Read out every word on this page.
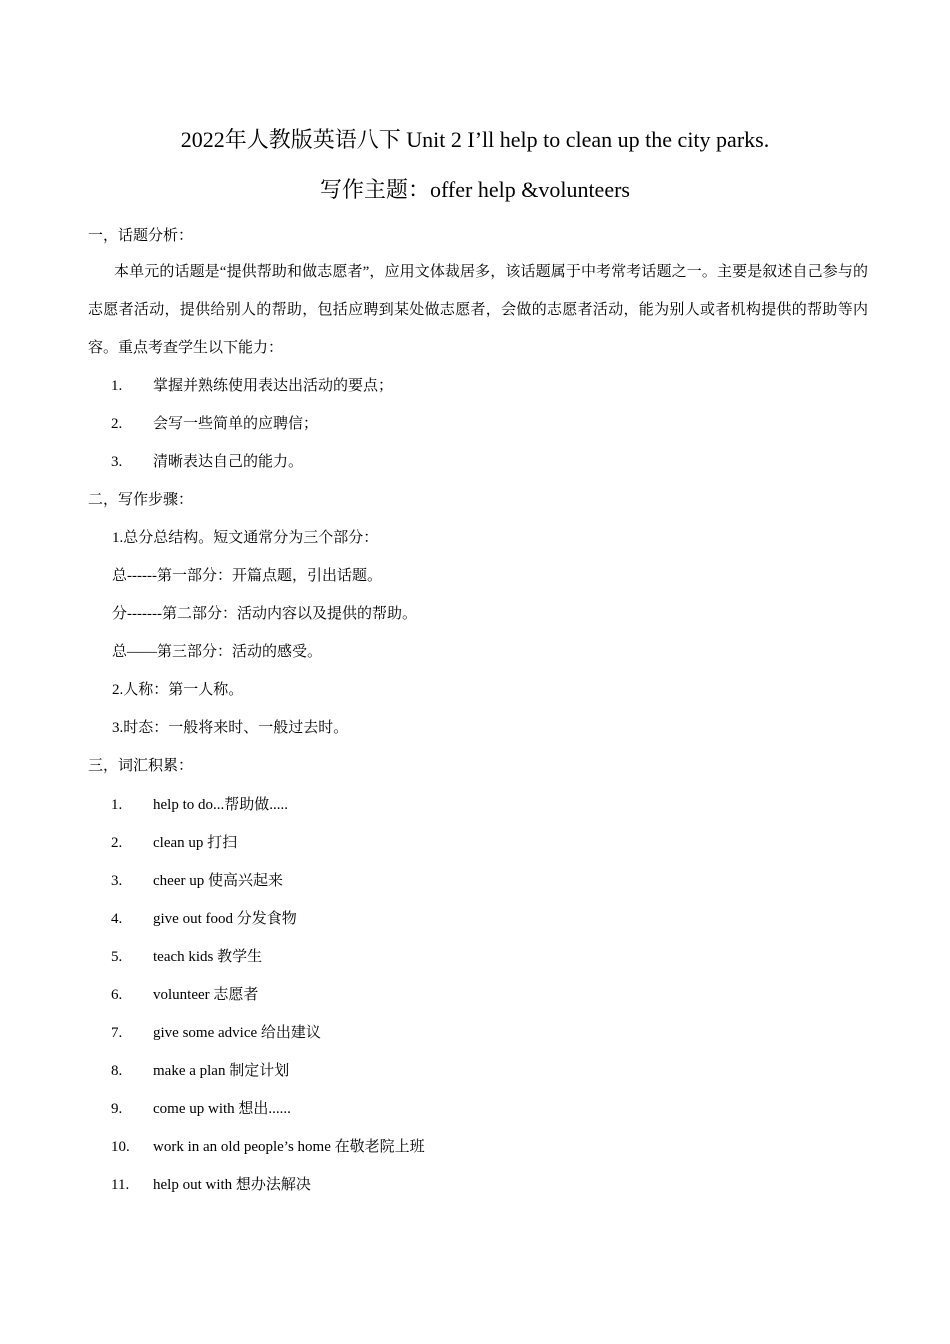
2022年人教版英语八下 Unit 2 I’ll help to clean up the city parks.
写作主题：offer help &volunteers
一，话题分析：
本单元的话题是“提供帮助和做志愿者”，应用文体裁居多，该话题属于中考常考话题之一。主要是叙述自己参与的志愿者活动，提供给别人的帮助，包括应聘到某处做志愿者，会做的志愿者活动，能为别人或者机构提供的帮助等内容。重点考查学生以下能力：
1. 掌握并熟练使用表达出活动的要点；
2. 会写一些简单的应聘信；
3. 清晰表达自己的能力。
二，写作步骤：
1.总分总结构。短文通常分为三个部分：
总------第一部分：开篇点题，引出话题。
分-------第二部分：活动内容以及提供的帮助。
总——第三部分：活动的感受。
2.人称：第一人称。
3.时态：一般将来时、一般过去时。
三，词汇积累：
1. help to do...帮助做.....
2. clean up 打扫
3. cheer up 使高兴起来
4. give out food 分发食物
5. teach kids 教学生
6. volunteer 志愿者
7. give some advice 给出建议
8. make a plan 制定计划
9. come up with 想出......
10. work in an old people’s home 在敬老院上班
11. help out with 想办法解决
